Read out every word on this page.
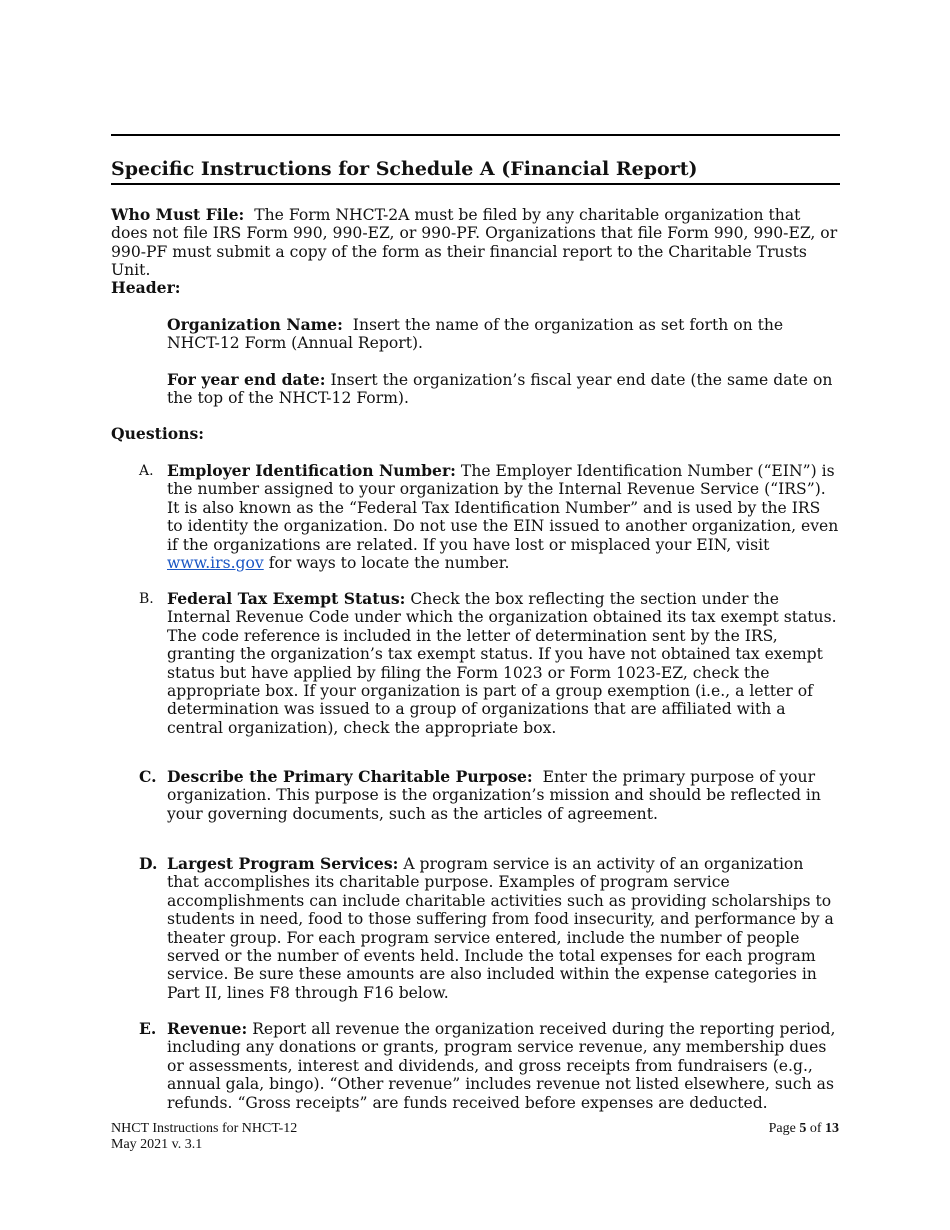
Specific Instructions for Schedule A (Financial Report)
Who Must File: The Form NHCT-2A must be filed by any charitable organization that does not file IRS Form 990, 990-EZ, or 990-PF. Organizations that file Form 990, 990-EZ, or 990-PF must submit a copy of the form as their financial report to the Charitable Trusts Unit.
Header:
Organization Name: Insert the name of the organization as set forth on the NHCT-12 Form (Annual Report).
For year end date: Insert the organization’s fiscal year end date (the same date on the top of the NHCT-12 Form).
Questions:
A. Employer Identification Number: The Employer Identification Number (“EIN”) is the number assigned to your organization by the Internal Revenue Service (“IRS”). It is also known as the “Federal Tax Identification Number” and is used by the IRS to identity the organization. Do not use the EIN issued to another organization, even if the organizations are related. If you have lost or misplaced your EIN, visit www.irs.gov for ways to locate the number.
B. Federal Tax Exempt Status: Check the box reflecting the section under the Internal Revenue Code under which the organization obtained its tax exempt status. The code reference is included in the letter of determination sent by the IRS, granting the organization’s tax exempt status. If you have not obtained tax exempt status but have applied by filing the Form 1023 or Form 1023-EZ, check the appropriate box. If your organization is part of a group exemption (i.e., a letter of determination was issued to a group of organizations that are affiliated with a central organization), check the appropriate box.
C. Describe the Primary Charitable Purpose: Enter the primary purpose of your organization. This purpose is the organization’s mission and should be reflected in your governing documents, such as the articles of agreement.
D. Largest Program Services: A program service is an activity of an organization that accomplishes its charitable purpose. Examples of program service accomplishments can include charitable activities such as providing scholarships to students in need, food to those suffering from food insecurity, and performance by a theater group. For each program service entered, include the number of people served or the number of events held. Include the total expenses for each program service. Be sure these amounts are also included within the expense categories in Part II, lines F8 through F16 below.
E. Revenue: Report all revenue the organization received during the reporting period, including any donations or grants, program service revenue, any membership dues or assessments, interest and dividends, and gross receipts from fundraisers (e.g., annual gala, bingo). “Other revenue” includes revenue not listed elsewhere, such as refunds. “Gross receipts” are funds received before expenses are deducted.
NHCT Instructions for NHCT-12
May 2021 v. 3.1
Page 5 of 13
